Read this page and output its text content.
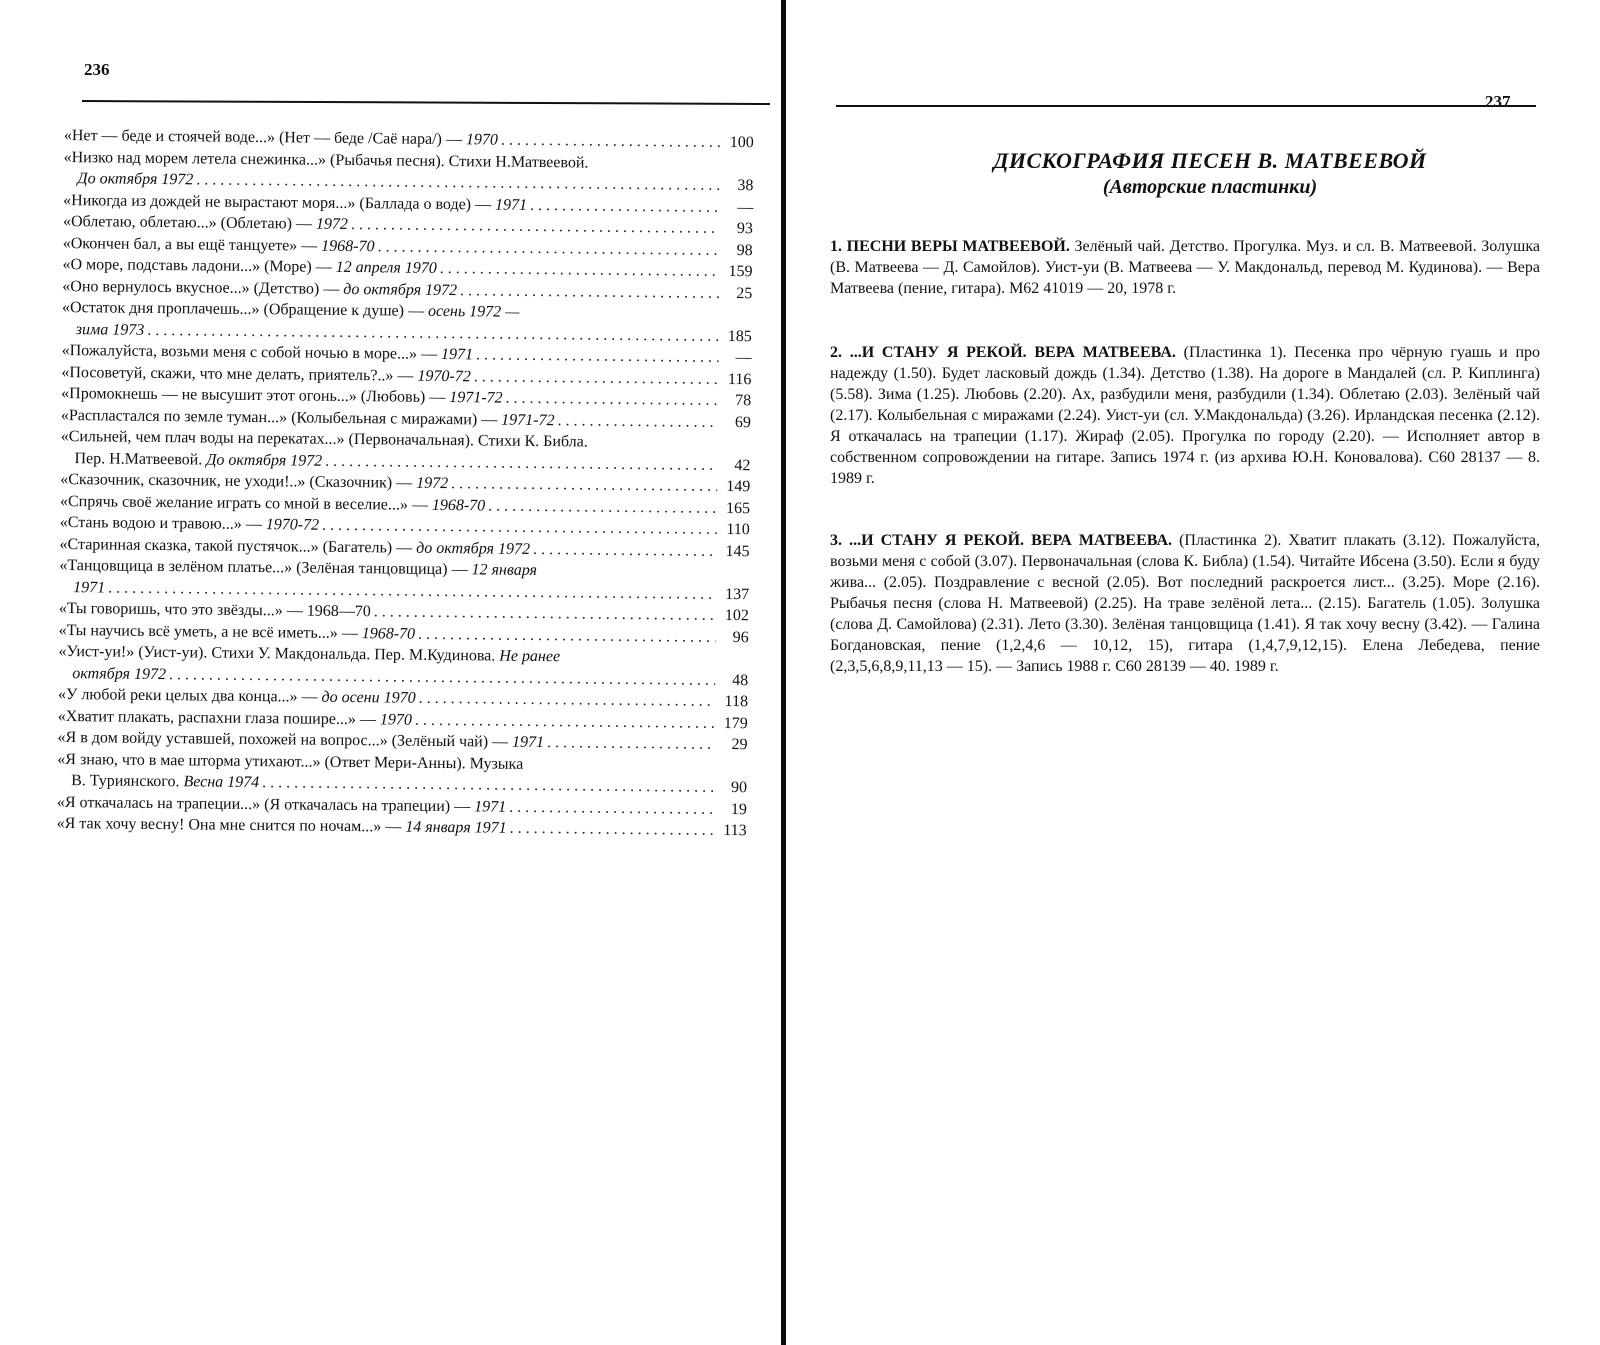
236
«Нет — беде и стоячей воде...» (Нет — беде /Саё нара/) — 1970 . . .	100
«Низко над морем летела снежинка...» (Рыбачья песня). Стихи Н.Матвеевой.
До октября 1972 . . .	38
«Никогда из дождей не вырастают моря...» (Баллада о воде) — 1971 . . .	—
«Облетаю, облетаю...» (Облетаю) — 1972 . . .	93
«Окончен бал, а вы ещё танцуете» — 1968-70 . . .	98
«О море, подставь ладони...» (Море) — 12 апреля 1970 . . .	159
«Оно вернулось вкусное...» (Детство) — до октября 1972 . . .	25
«Остаток дня проплачешь...» (Обращение к душе) — осень 1972 —
зима 1973 . . .	185
«Пожалуйста, возьми меня с собой ночью в море...» — 1971 . . .	—
«Посоветуй, скажи, что мне делать, приятель?..» — 1970-72 . . .	116
«Промокнешь — не высушит этот огонь...» (Любовь) — 1971-72 . . .	78
«Распластался по земле туман...» (Колыбельная с миражами) — 1971-72 . . .	69
«Сильней, чем плач воды на перекатах...» (Первоначальная). Стихи К. Библа.
Пер. Н.Матвеевой. До октября 1972 . . .	42
«Сказочник, сказочник, не уходи!..» (Сказочник) — 1972 . . .	149
«Спрячь своё желание играть со мной в веселие...» — 1968-70 . . .	165
«Стань водою и травою...» — 1970-72 . . .	110
«Старинная сказка, такой пустячок...» (Багатель) — до октября 1972 . . .	145
«Танцовщица в зелёном платье...» (Зелёная танцовщица) — 12 января
1971 . . .	137
«Ты говоришь, что это звёзды...» — 1968—70 . . .	102
«Ты научись всё уметь, а не всё иметь...» — 1968-70 . . .	96
«Уист-уи!» (Уист-уи). Стихи У. Макдональда. Пер. М.Кудинова. Не ранее
октября 1972 . . .	48
«У любой реки целых два конца...» — до осени 1970 . . .	118
«Хватит плакать, распахни глаза пошире...» — 1970 . . .	179
«Я в дом войду уставшей, похожей на вопрос...» (Зелёный чай) — 1971 . . .	29
«Я знаю, что в мае шторма утихают...» (Ответ Мери-Анны). Музыка
В. Туриянского. Весна 1974 . . .	90
«Я откачалась на трапеции...» (Я откачалась на трапеции) — 1971 . . .	19
«Я так хочу весну! Она мне снится по ночам...» — 14 января 1971 . . .	113
237
ДИСКОГРАФИЯ ПЕСЕН В. МАТВЕЕВОЙ
(Авторские пластинки)
1. ПЕСНИ ВЕРЫ МАТВЕЕВОЙ. Зелёный чай. Детство. Прогулка. Муз. и сл. В. Матвеевой. Золушка (В. Матвеева — Д. Самойлов). Уист-уи (В. Матвеева — У. Макдональд, перевод М. Кудинова). — Вера Матвеева (пение, гитара). М62 41019 — 20, 1978 г.
2. ...И СТАНУ Я РЕКОЙ. ВЕРА МАТВЕЕВА. (Пластинка 1). Песенка про чёрную гуашь и про надежду (1.50). Будет ласковый дождь (1.34). Детство (1.38). На дороге в Мандалей (сл. Р. Киплинга) (5.58). Зима (1.25). Любовь (2.20). Ах, разбудили меня, разбудили (1.34). Облетаю (2.03). Зелёный чай (2.17). Колыбельная с миражами (2.24). Уист-уи (сл. У.Макдональда) (3.26). Ирландская песенка (2.12). Я откачалась на трапеции (1.17). Жираф (2.05). Прогулка по городу (2.20). — Исполняет автор в собственном сопровождении на гитаре. Запись 1974 г. (из архива Ю.Н. Коновалова). С60 28137 — 8. 1989 г.
3. ...И СТАНУ Я РЕКОЙ. ВЕРА МАТВЕЕВА. (Пластинка 2). Хватит плакать (3.12). Пожалуйста, возьми меня с собой (3.07). Первоначальная (слова К. Библа) (1.54). Читайте Ибсена (3.50). Если я буду жива... (2.05). Поздравление с весной (2.05). Вот последний раскроется лист... (3.25). Море (2.16). Рыбачья песня (слова Н. Матвеевой) (2.25). На траве зелёной лета... (2.15). Багатель (1.05). Золушка (слова Д. Самойлова) (2.31). Лето (3.30). Зелёная танцовщица (1.41). Я так хочу весну (3.42). — Галина Богдановская, пение (1,2,4,6 — 10,12, 15), гитара (1,4,7,9,12,15). Елена Лебедева, пение (2,3,5,6,8,9,11,13 — 15). — Запись 1988 г. С60 28139 — 40. 1989 г.
